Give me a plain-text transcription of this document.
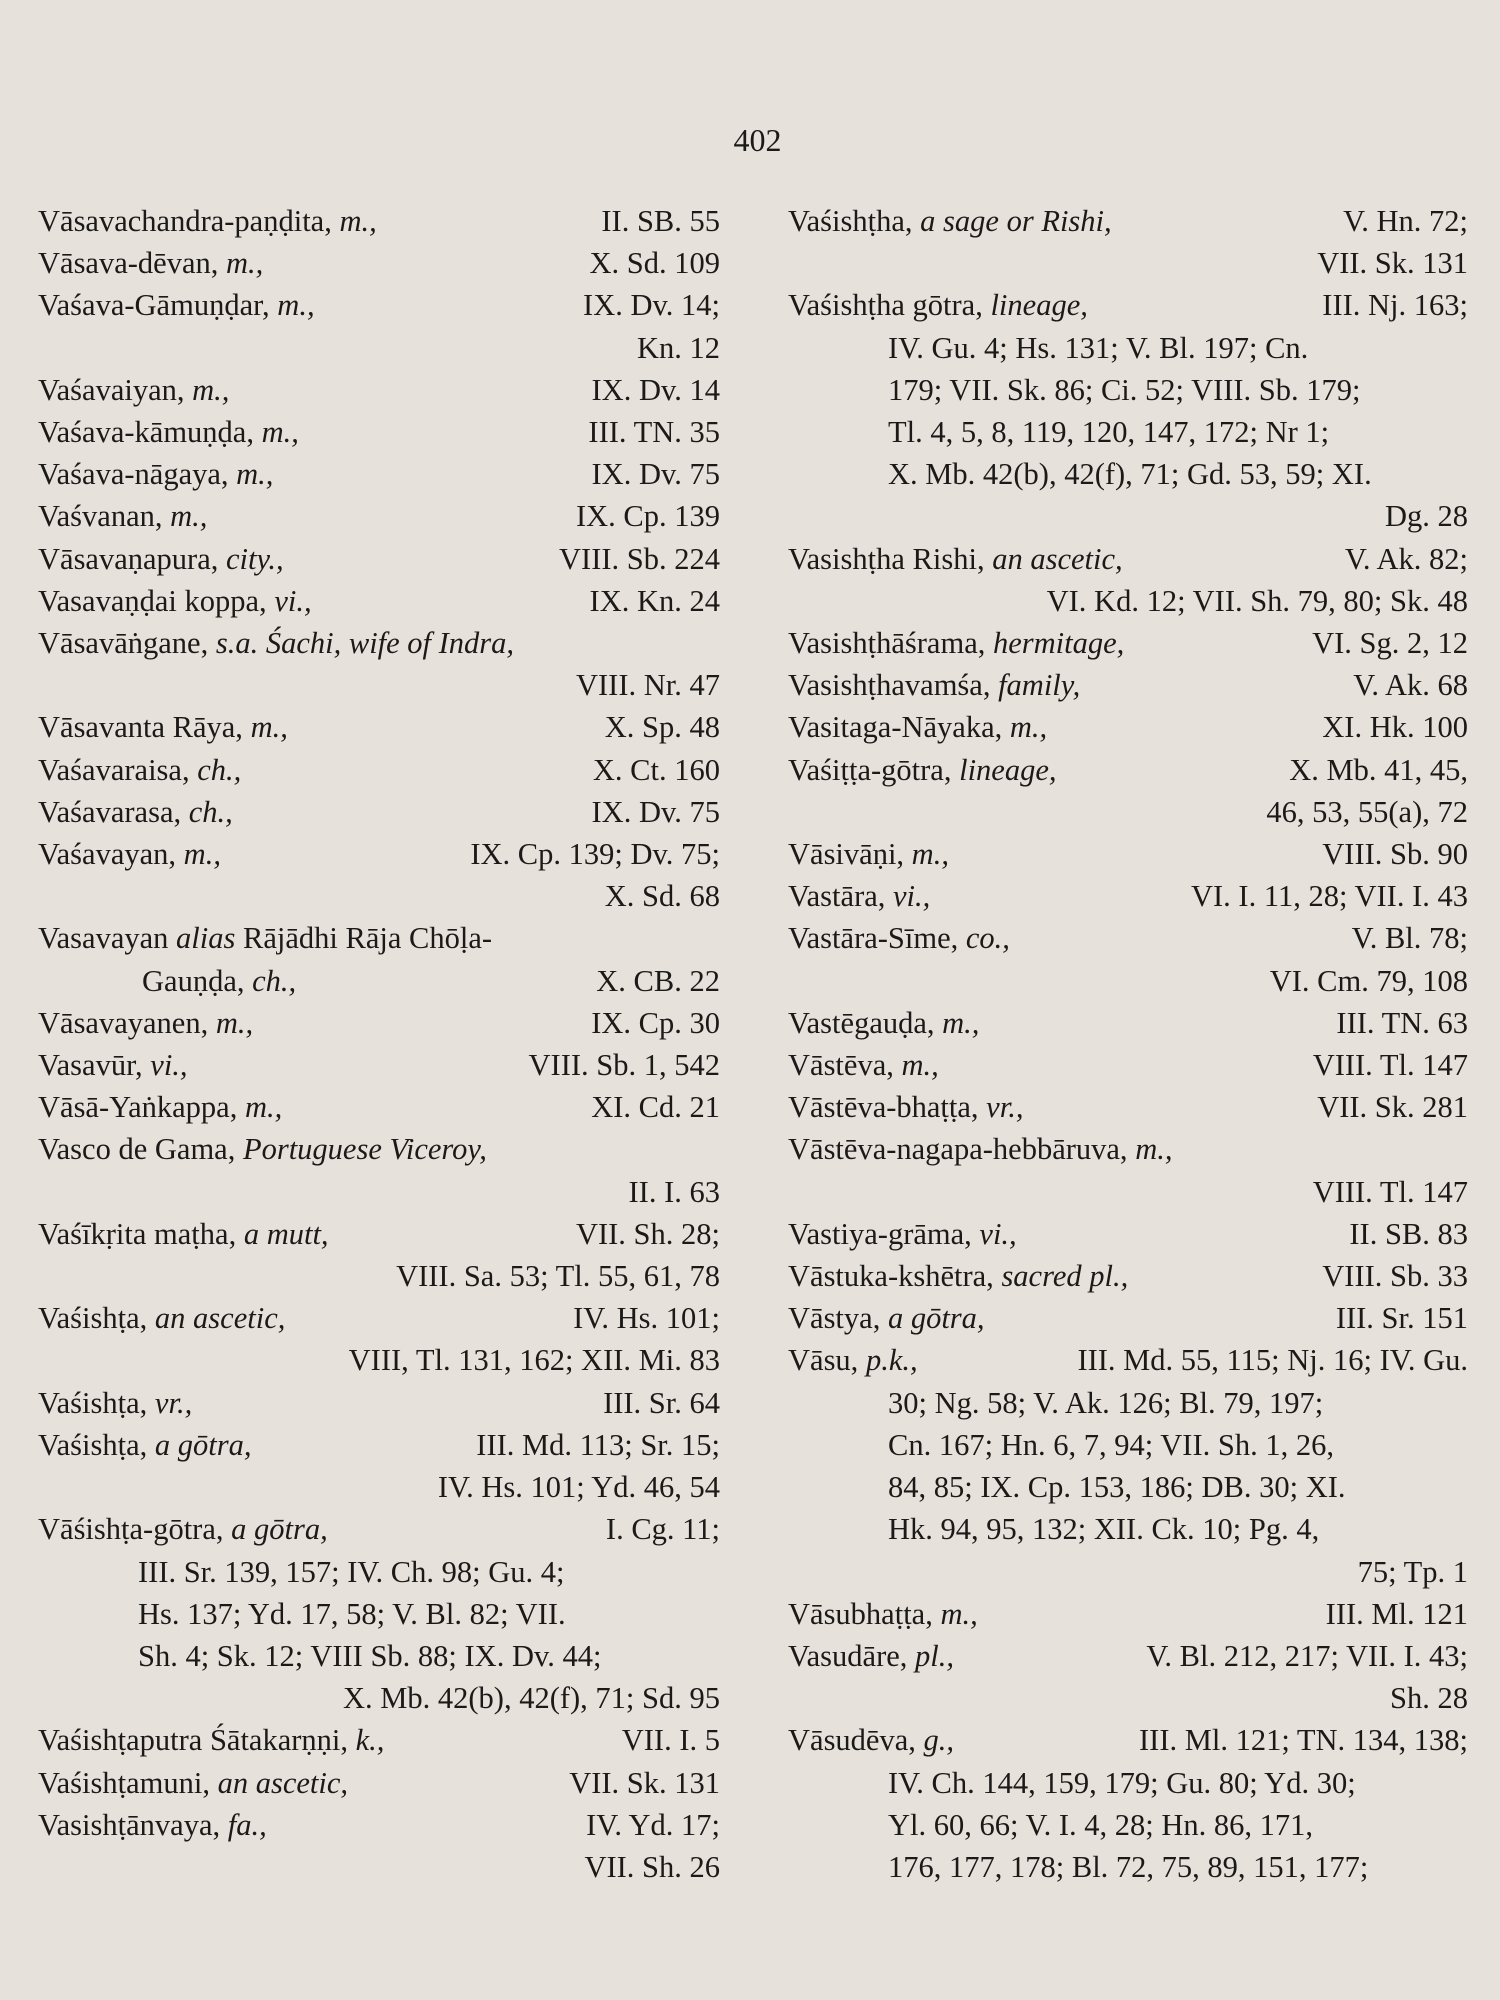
402
Vāsavachandra-paṇḍita, m.,	II. SB. 55
Vāsava-dēvan, m.,	X. Sd. 109
Vaśava-Gāmuṇḍar, m.,	IX. Dv. 14;
Kn. 12
Vaśavaiyan, m.,	IX. Dv. 14
Vaśava-kāmuṇḍa, m.,	III. TN. 35
Vaśava-nāgaya, m.,	IX. Dv. 75
Vaśvanan, m.,	IX. Cp. 139
Vāsavaṇapura, city.,	VIII. Sb. 224
Vasavaṇḍai koppa, vi.,	IX. Kn. 24
Vāsavāṅgane, s.a. Śachi, wife of Indra,
VIII. Nr. 47
Vāsavanta Rāya, m.,	X. Sp. 48
Vaśavaraisa, ch.,	X. Ct. 160
Vaśavarasa, ch.,	IX. Dv. 75
Vaśavayan, m.,	IX. Cp. 139; Dv. 75;
X. Sd. 68
Vasavayan alias Rājādhi Rāja Chōḷa-
Gauṇḍa, ch.,	X. CB. 22
Vāsavayanen, m.,	IX. Cp. 30
Vasavūr, vi.,	VIII. Sb. 1, 542
Vāsā-Yaṅkappa, m.,	XI. Cd. 21
Vasco de Gama, Portuguese Viceroy,
II. I. 63
Vaśīkṛita maṭha, a mutt,	VII. Sh. 28;
VIII. Sa. 53; Tl. 55, 61, 78
Vaśishṭa, an ascetic,	IV. Hs. 101;
VIII, Tl. 131, 162; XII. Mi. 83
Vaśishṭa, vr.,	III. Sr. 64
Vaśishṭa, a gōtra,	III. Md. 113; Sr. 15;
IV. Hs. 101; Yd. 46, 54
Vāśishṭa-gōtra, a gōtra,	I. Cg. 11;
III. Sr. 139, 157; IV. Ch. 98; Gu. 4;
Hs. 137; Yd. 17, 58; V. Bl. 82; VII.
Sh. 4; Sk. 12; VIII Sb. 88; IX. Dv. 44;
X. Mb. 42(b), 42(f), 71; Sd. 95
Vaśishṭaputra Śātakarṇṇi, k.,	VII. I. 5
Vaśishṭamuni, an ascetic,	VII. Sk. 131
Vasishṭānvaya, fa.,	IV. Yd. 17;
VII. Sh. 26
Vaśishṭha, a sage or Rishi,	V. Hn. 72;
VII. Sk. 131
Vaśishṭha gōtra, lineage,	III. Nj. 163;
IV. Gu. 4; Hs. 131; V. Bl. 197; Cn.
179; VII. Sk. 86; Ci. 52; VIII. Sb. 179;
Tl. 4, 5, 8, 119, 120, 147, 172; Nr 1;
X. Mb. 42(b), 42(f), 71; Gd. 53, 59; XI.
Dg. 28
Vasishṭha Rishi, an ascetic,	V. Ak. 82;
VI. Kd. 12; VII. Sh. 79, 80; Sk. 48
Vasishṭhāśrama, hermitage,	VI. Sg. 2, 12
Vasishṭhavamśa, family,	V. Ak. 68
Vasitaga-Nāyaka, m.,	XI. Hk. 100
Vaśiṭṭa-gōtra, lineage,	X. Mb. 41, 45,
46, 53, 55(a), 72
Vāsivāṇi, m.,	VIII. Sb. 90
Vastāra, vi.,	VI. I. 11, 28; VII. I. 43
Vastāra-Sīme, co.,	V. Bl. 78;
VI. Cm. 79, 108
Vastēgauḍa, m.,	III. TN. 63
Vāstēva, m.,	VIII. Tl. 147
Vāstēva-bhaṭṭa, vr.,	VII. Sk. 281
Vāstēva-nagapa-hebbāruva, m.,
VIII. Tl. 147
Vastiya-grāma, vi.,	II. SB. 83
Vāstuka-kshētra, sacred pl.,	VIII. Sb. 33
Vāstya, a gōtra,	III. Sr. 151
Vāsu, p.k.,	III. Md. 55, 115; Nj. 16; IV. Gu.
30; Ng. 58; V. Ak. 126; Bl. 79, 197;
Cn. 167; Hn. 6, 7, 94; VII. Sh. 1, 26,
84, 85; IX. Cp. 153, 186; DB. 30; XI.
Hk. 94, 95, 132; XII. Ck. 10; Pg. 4,
75; Tp. 1
Vāsubhaṭṭa, m.,	III. Ml. 121
Vasudāre, pl.,	V. Bl. 212, 217; VII. I. 43;
Sh. 28
Vāsudēva, g.,	III. Ml. 121; TN. 134, 138;
IV. Ch. 144, 159, 179; Gu. 80; Yd. 30;
Yl. 60, 66; V. I. 4, 28; Hn. 86, 171,
176, 177, 178; Bl. 72, 75, 89, 151, 177;
